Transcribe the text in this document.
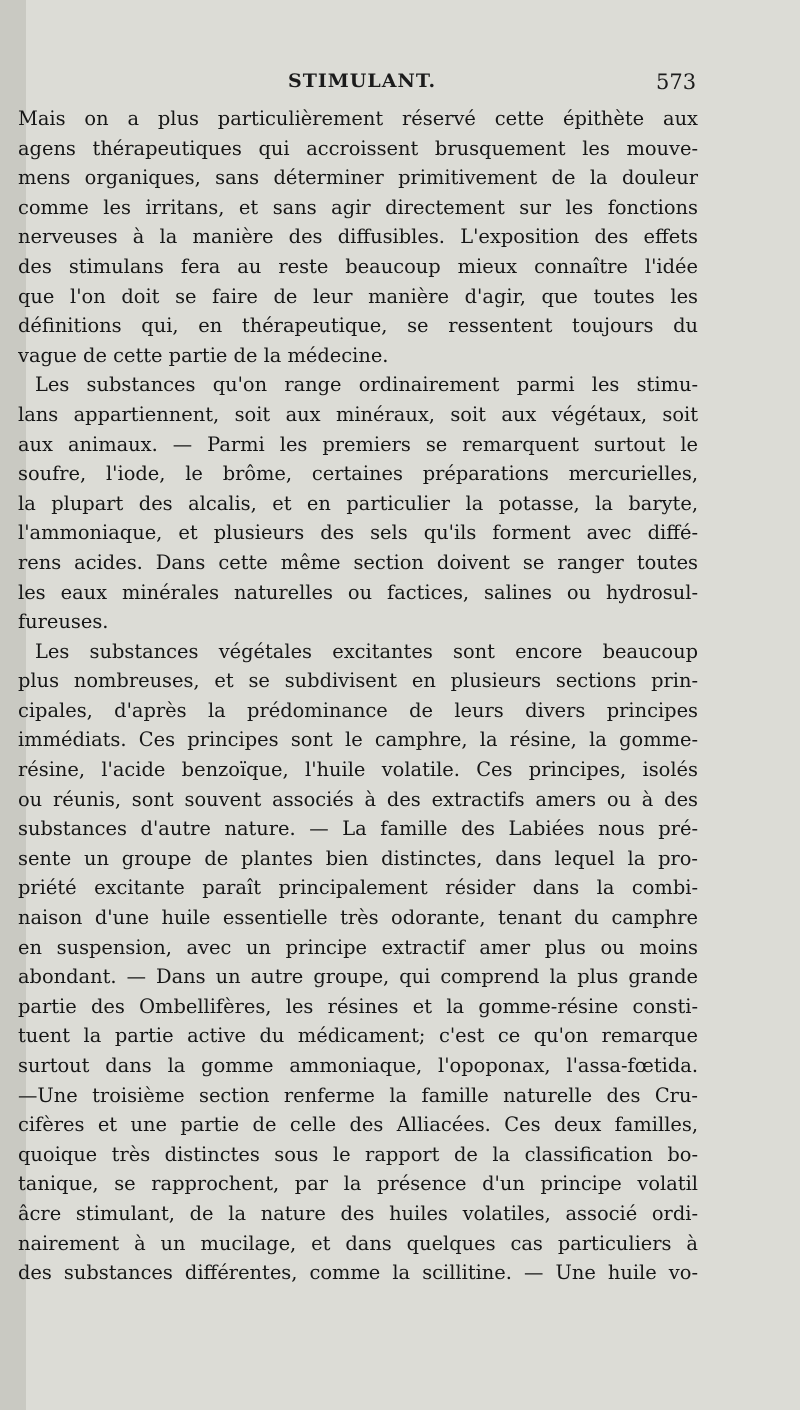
STIMULANT.	573
Mais on a plus particulièrement réservé cette épithète aux
agens thérapeutiques qui accroissent brusquement les mouve-
mens organiques, sans déterminer primitivement de la douleur
comme les irritans, et sans agir directement sur les fonctions
nerveuses à la manière des diffusibles. L'exposition des effets
des stimulans fera au reste beaucoup mieux connaître l'idée
que l'on doit se faire de leur manière d'agir, que toutes les
définitions qui, en thérapeutique, se ressentent toujours du
vague de cette partie de la médecine.
Les substances qu'on range ordinairement parmi les stimu-
lans appartiennent, soit aux minéraux, soit aux végétaux, soit
aux animaux. — Parmi les premiers se remarquent surtout le
soufre, l'iode, le brôme, certaines préparations mercurielles,
la plupart des alcalis, et en particulier la potasse, la baryte,
l'ammoniaque, et plusieurs des sels qu'ils forment avec diffé-
rens acides. Dans cette même section doivent se ranger toutes
les eaux minérales naturelles ou factices, salines ou hydrosul-
fureuses.
Les substances végétales excitantes sont encore beaucoup
plus nombreuses, et se subdivisent en plusieurs sections prin-
cipales, d'après la prédominance de leurs divers principes
immédiats. Ces principes sont le camphre, la résine, la gomme-
résine, l'acide benzoïque, l'huile volatile. Ces principes, isolés
ou réunis, sont souvent associés à des extractifs amers ou à des
substances d'autre nature. — La famille des Labiées nous pré-
sente un groupe de plantes bien distinctes, dans lequel la pro-
priété excitante paraît principalement résider dans la combi-
naison d'une huile essentielle très odorante, tenant du camphre
en suspension, avec un principe extractif amer plus ou moins
abondant. — Dans un autre groupe, qui comprend la plus grande
partie des Ombellifères, les résines et la gomme-résine consti-
tuent la partie active du médicament; c'est ce qu'on remarque
surtout dans la gomme ammoniaque, l'opoponax, l'assa-fœtida.
—Une troisième section renferme la famille naturelle des Cru-
cifères et une partie de celle des Alliacées. Ces deux familles,
quoique très distinctes sous le rapport de la classification bo-
tanique, se rapprochent, par la présence d'un principe volatil
âcre stimulant, de la nature des huiles volatiles, associé ordi-
nairement à un mucilage, et dans quelques cas particuliers à
des substances différentes, comme la scillitine. — Une huile vo-
